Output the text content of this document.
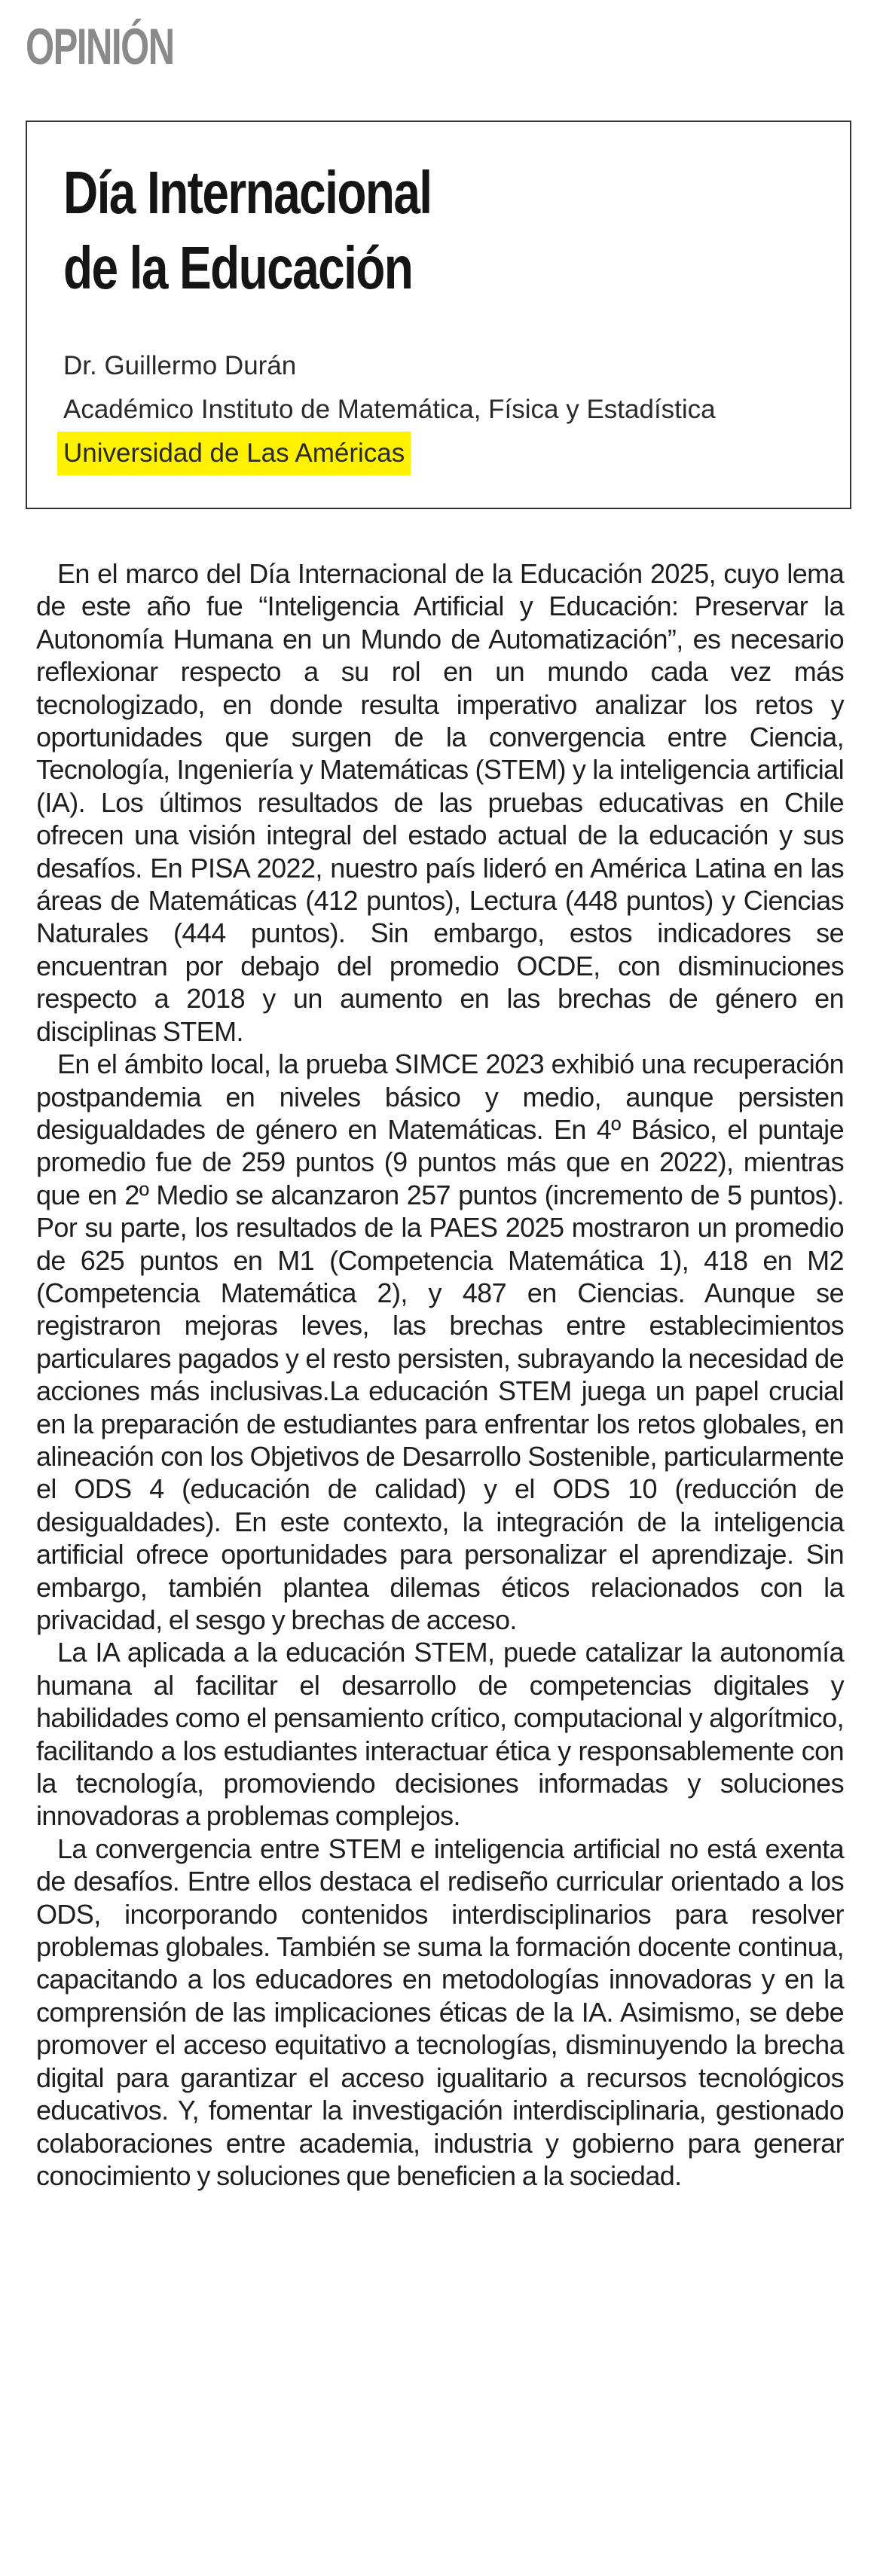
OPINIÓN
Día Internacional
de la Educación
Dr. Guillermo Durán
Académico Instituto de Matemática, Física y Estadística
Universidad de Las Américas

En el marco del Día Internacional de la Educación 2025, cuyo lema de este año fue “Inteligencia Artificial y Educación: Preservar la Autonomía Humana en un Mundo de Automatización”, es necesario reflexionar respecto a su rol en un mundo cada vez más tecnologizado, en donde resulta imperativo analizar los retos y oportunidades que surgen de la convergencia entre Ciencia, Tecnología, Ingeniería y Matemáticas (STEM) y la inteligencia artificial (IA). Los últimos resultados de las pruebas educativas en Chile ofrecen una visión integral del estado actual de la educación y sus desafíos. En PISA 2022, nuestro país lideró en América Latina en las áreas de Matemáticas (412 puntos), Lectura (448 puntos) y Ciencias Naturales (444 puntos). Sin embargo, estos indicadores se encuentran por debajo del promedio OCDE, con disminuciones respecto a 2018 y un aumento en las brechas de género en disciplinas STEM.

En el ámbito local, la prueba SIMCE 2023 exhibió una recuperación postpandemia en niveles básico y medio, aunque persisten desigualdades de género en Matemáticas. En 4º Básico, el puntaje promedio fue de 259 puntos (9 puntos más que en 2022), mientras que en 2º Medio se alcanzaron 257 puntos (incremento de 5 puntos). Por su parte, los resultados de la PAES 2025 mostraron un promedio de 625 puntos en M1 (Competencia Matemática 1), 418 en M2 (Competencia Matemática 2), y 487 en Ciencias. Aunque se registraron mejoras leves, las brechas entre establecimientos particulares pagados y el resto persisten, subrayando la necesidad de acciones más inclusivas.La educación STEM juega un papel crucial en la preparación de estudiantes para enfrentar los retos globales, en alineación con los Objetivos de Desarrollo Sostenible, particularmente el ODS 4 (educación de calidad) y el ODS 10 (reducción de desigualdades). En este contexto, la integración de la inteligencia artificial ofrece oportunidades para personalizar el aprendizaje. Sin embargo, también plantea dilemas éticos relacionados con la privacidad, el sesgo y brechas de acceso.

La IA aplicada a la educación STEM, puede catalizar la autonomía humana al facilitar el desarrollo de competencias digitales y habilidades como el pensamiento crítico, computacional y algorítmico, facilitando a los estudiantes interactuar ética y responsablemente con la tecnología, promoviendo decisiones informadas y soluciones innovadoras a problemas complejos.

La convergencia entre STEM e inteligencia artificial no está exenta de desafíos. Entre ellos destaca el rediseño curricular orientado a los ODS, incorporando contenidos interdisciplinarios para resolver problemas globales. También se suma la formación docente continua, capacitando a los educadores en metodologías innovadoras y en la comprensión de las implicaciones éticas de la IA. Asimismo, se debe promover el acceso equitativo a tecnologías, disminuyendo la brecha digital para garantizar el acceso igualitario a recursos tecnológicos educativos. Y, fomentar la investigación interdisciplinaria, gestionado colaboraciones entre academia, industria y gobierno para generar conocimiento y soluciones que beneficien a la sociedad.
